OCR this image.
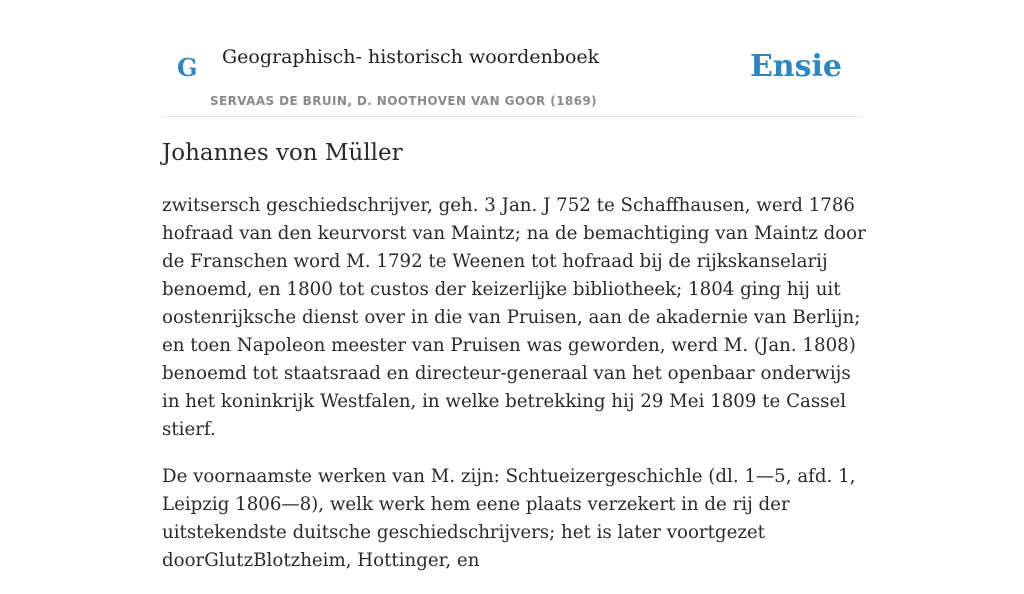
G Geographisch- historisch woordenboek
SERVAAS DE BRUIN, D. NOOTHOVEN VAN GOOR (1869)
Ensie
Johannes von Müller

zwitsersch geschiedschrijver, geh. 3 Jan. J 752 te Schaffhausen, werd 1786 hofraad van den keurvorst van Maintz; na de bemachtiging van Maintz door de Franschen word M. 1792 te Weenen tot hofraad bij de rijkskanselarij benoemd, en 1800 tot custos der keizerlijke bibliotheek; 1804 ging hij uit oostenrijksche dienst over in die van Pruisen, aan de akadernie van Berlijn; en toen Napoleon meester van Pruisen was geworden, werd M. (Jan. 1808) benoemd tot staatsraad en directeur-generaal van het openbaar onderwijs in het koninkrijk Westfalen, in welke betrekking hij 29 Mei 1809 te Cassel stierf.

De voornaamste werken van M. zijn: Schtueizergeschichle (dl. 1—5, afd. 1, Leipzig 1806—8), welk werk hem eene plaats verzekert in de rij der uitstekendste duitsche geschiedschrijvers; het is later voortgezet doorGlutzBlotzheim, Hottinger, en
